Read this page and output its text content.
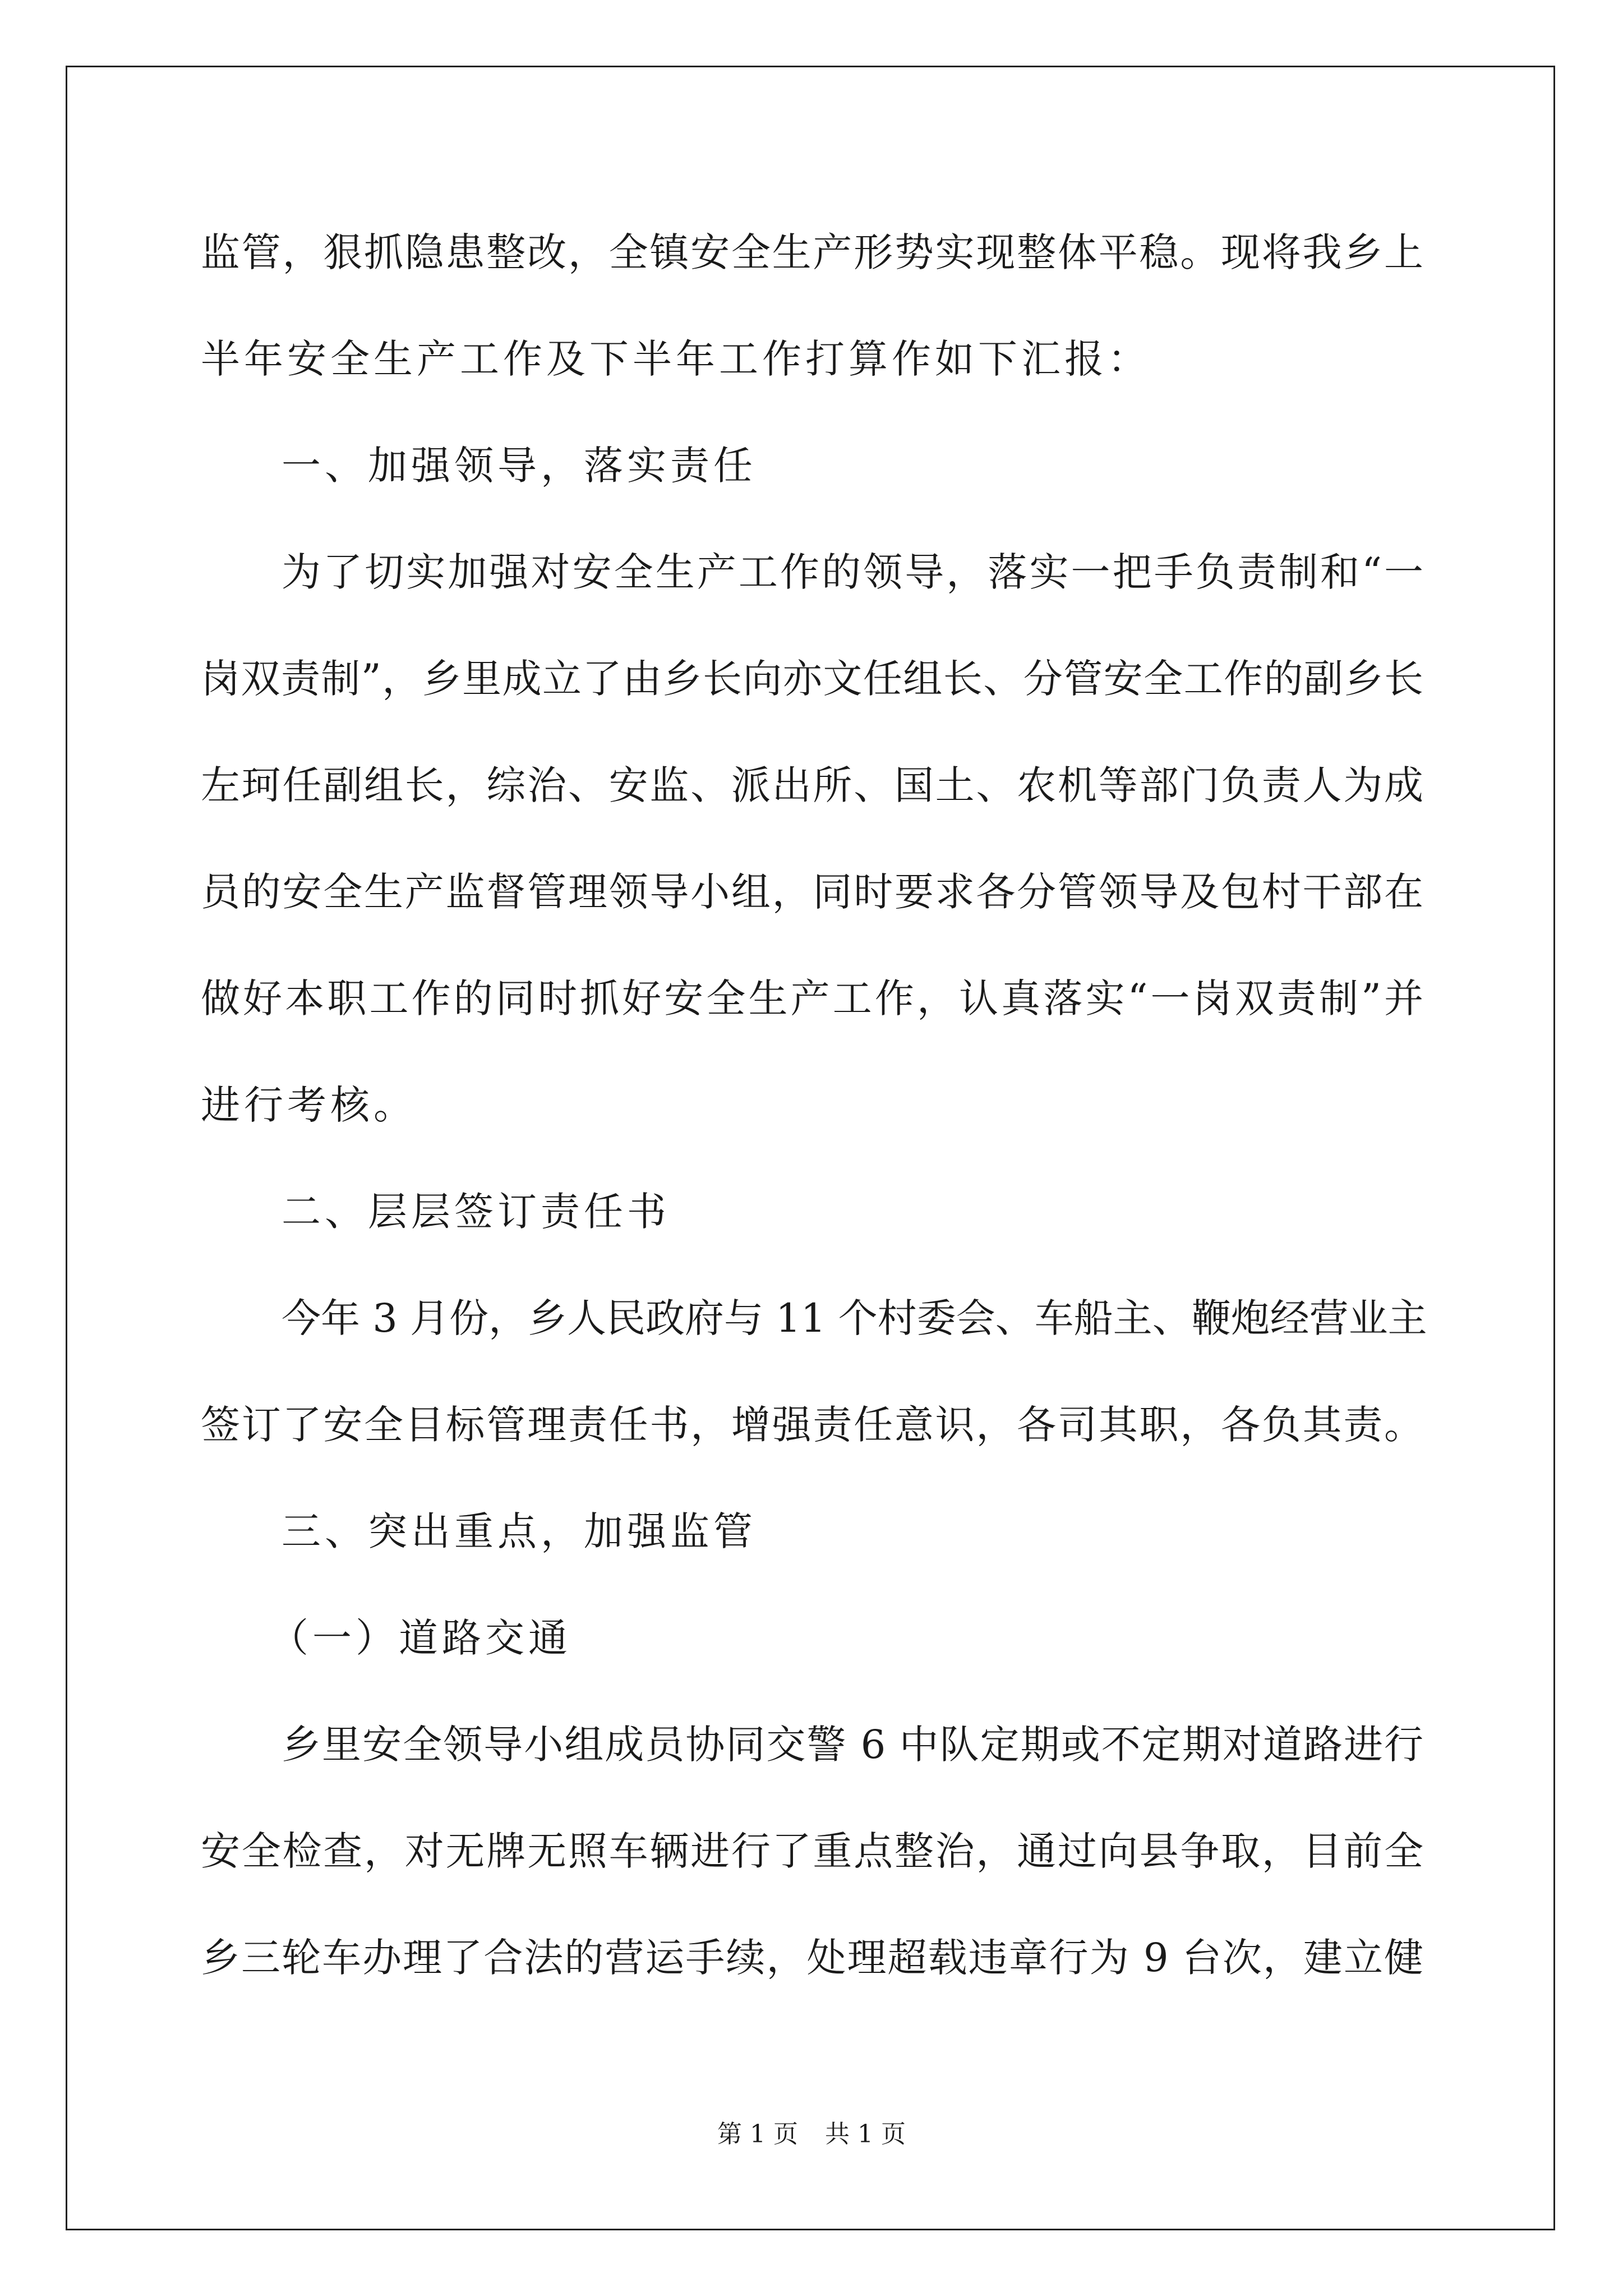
监管，狠抓隐患整改，全镇安全生产形势实现整体平稳。现将我乡上
半年安全生产工作及下半年工作打算作如下汇报：
一、加强领导，落实责任
为了切实加强对安全生产工作的领导，落实一把手负责制和“一
岗双责制”，乡里成立了由乡长向亦文任组长、分管安全工作的副乡长
左珂任副组长，综治、安监、派出所、国土、农机等部门负责人为成
员的安全生产监督管理领导小组，同时要求各分管领导及包村干部在
做好本职工作的同时抓好安全生产工作，认真落实“一岗双责制”并
进行考核。
二、层层签订责任书
今年 3 月份，乡人民政府与 11 个村委会、车船主、鞭炮经营业主
签订了安全目标管理责任书，增强责任意识，各司其职，各负其责。
三、突出重点，加强监管
（一）道路交通
乡里安全领导小组成员协同交警 6 中队定期或不定期对道路进行
安全检查，对无牌无照车辆进行了重点整治，通过向县争取，目前全
乡三轮车办理了合法的营运手续，处理超载违章行为 9 台次，建立健
第 1 页 共 1 页
